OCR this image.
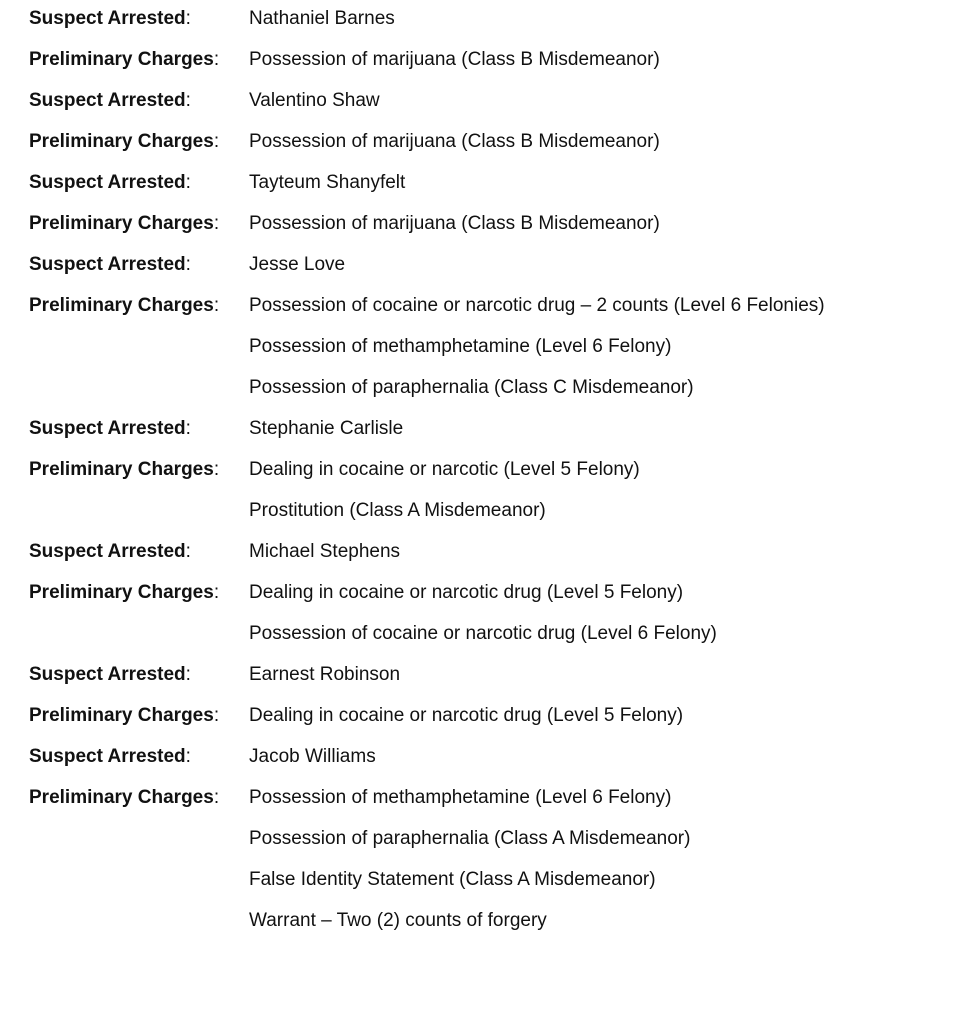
Suspect Arrested:	Nathaniel Barnes
Preliminary Charges:	Possession of marijuana (Class B Misdemeanor)
Suspect Arrested:	Valentino Shaw
Preliminary Charges:	Possession of marijuana (Class B Misdemeanor)
Suspect Arrested:	Tayteum Shanyfelt
Preliminary Charges:	Possession of marijuana (Class B Misdemeanor)
Suspect Arrested:	Jesse Love
Preliminary Charges:	Possession of cocaine or narcotic drug – 2 counts (Level 6 Felonies)
Possession of methamphetamine (Level 6 Felony)
Possession of paraphernalia (Class C Misdemeanor)
Suspect Arrested:	Stephanie Carlisle
Preliminary Charges:	Dealing in cocaine or narcotic (Level 5 Felony)
Prostitution (Class A Misdemeanor)
Suspect Arrested:	Michael Stephens
Preliminary Charges:	Dealing in cocaine or narcotic drug (Level 5 Felony)
Possession of cocaine or narcotic drug (Level 6 Felony)
Suspect Arrested:	Earnest Robinson
Preliminary Charges:	Dealing in cocaine or narcotic drug (Level 5 Felony)
Suspect Arrested:	Jacob Williams
Preliminary Charges:	Possession of methamphetamine (Level 6 Felony)
Possession of paraphernalia (Class A Misdemeanor)
False Identity Statement (Class A Misdemeanor)
Warrant – Two (2) counts of forgery
